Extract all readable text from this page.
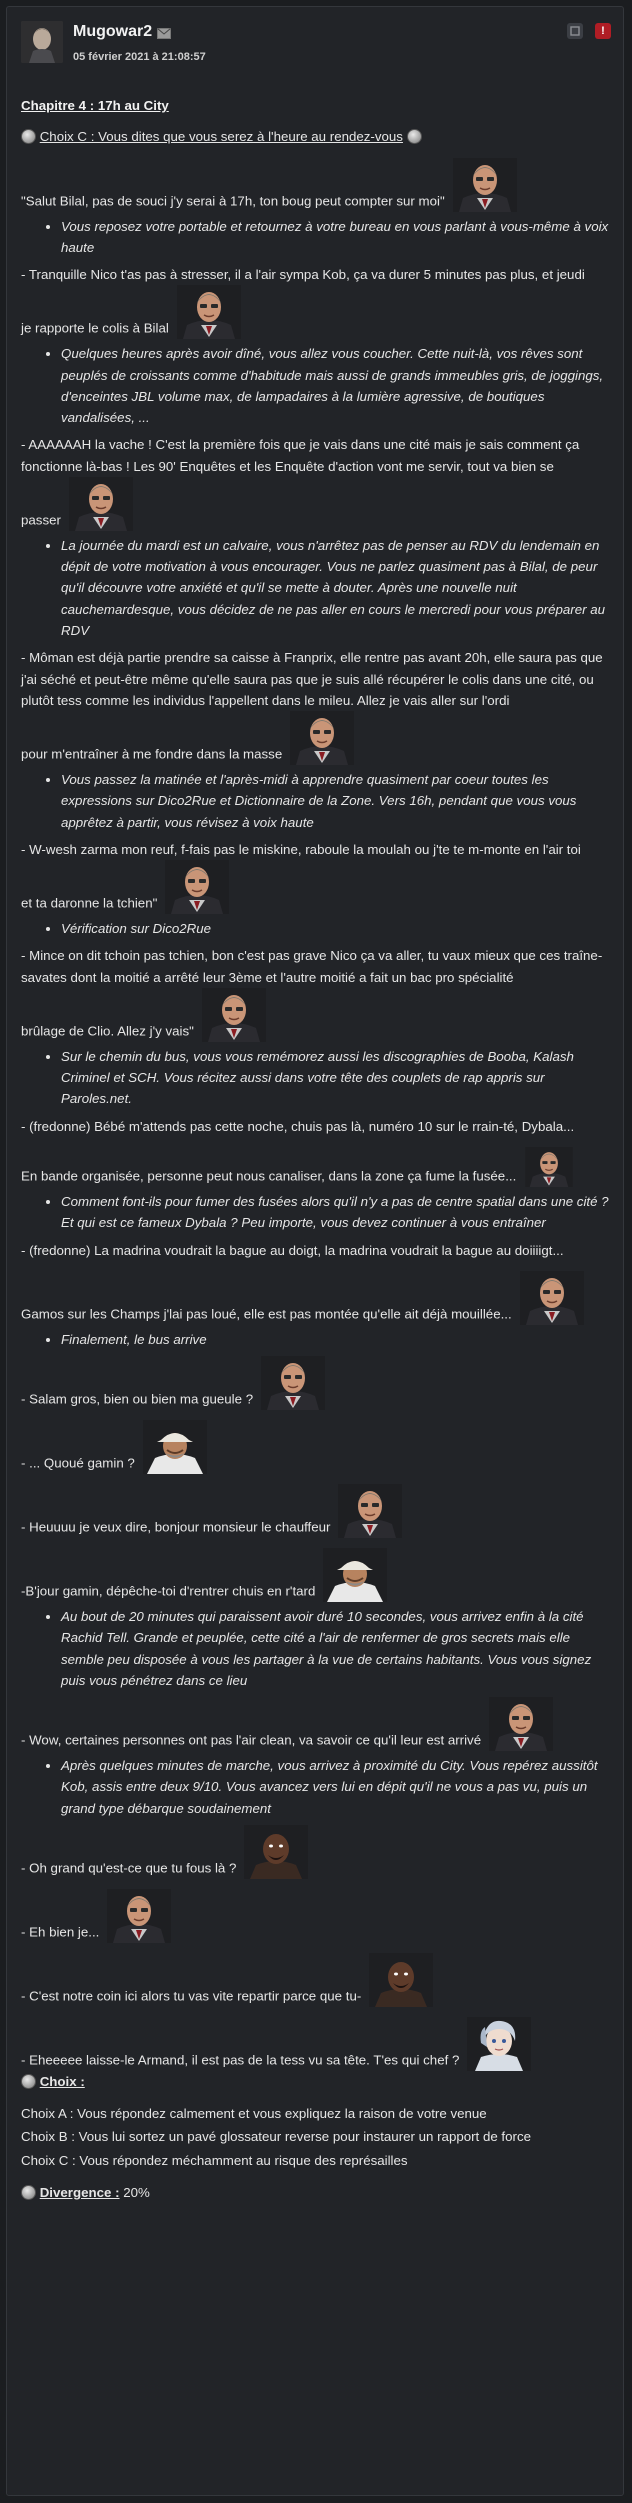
Mugowar2
05 février 2021 à 21:08:57
!

Chapitre 4 : 17h au City

Choix C : Vous dites que vous serez à l'heure au rendez-vous

"Salut Bilal, pas de souci j'y serai à 17h, ton boug peut compter sur moi"

• Vous reposez votre portable et retournez à votre bureau en vous parlant à vous-même à voix haute

- Tranquille Nico t'as pas à stresser, il a l'air sympa Kob, ça va durer 5 minutes pas plus, et jeudi

je rapporte le colis à Bilal

• Quelques heures après avoir dîné, vous allez vous coucher. Cette nuit-là, vos rêves sont peuplés de croissants comme d'habitude mais aussi de grands immeubles gris, de joggings, d'enceintes JBL volume max, de lampadaires à la lumière agressive, de boutiques vandalisées, ...

- AAAAAAH la vache ! C'est la première fois que je vais dans une cité mais je sais comment ça fonctionne là-bas ! Les 90' Enquêtes et les Enquête d'action vont me servir, tout va bien se

passer

• La journée du mardi est un calvaire, vous n'arrêtez pas de penser au RDV du lendemain en dépit de votre motivation à vous encourager. Vous ne parlez quasiment pas à Bilal, de peur qu'il découvre votre anxiété et qu'il se mette à douter. Après une nouvelle nuit cauchemardesque, vous décidez de ne pas aller en cours le mercredi pour vous préparer au RDV

- Môman est déjà partie prendre sa caisse à Franprix, elle rentre pas avant 20h, elle saura pas que j'ai séché et peut-être même qu'elle saura pas que je suis allé récupérer le colis dans une cité, ou plutôt tess comme les individus l'appellent dans le mileu. Allez je vais aller sur l'ordi

pour m'entraîner à me fondre dans la masse

• Vous passez la matinée et l'après-midi à apprendre quasiment par coeur toutes les expressions sur Dico2Rue et Dictionnaire de la Zone. Vers 16h, pendant que vous vous apprêtez à partir, vous révisez à voix haute

- W-wesh zarma mon reuf, f-fais pas le miskine, raboule la moulah ou j'te te m-monte en l'air toi

et ta daronne la tchien"

• Vérification sur Dico2Rue

- Mince on dit tchoin pas tchien, bon c'est pas grave Nico ça va aller, tu vaux mieux que ces traîne-savates dont la moitié a arrêté leur 3ème et l'autre moitié a fait un bac pro spécialité

brûlage de Clio. Allez j'y vais"

• Sur le chemin du bus, vous vous remémorez aussi les discographies de Booba, Kalash Criminel et SCH. Vous récitez aussi dans votre tête des couplets de rap appris sur Paroles.net.

- (fredonne) Bébé m'attends pas cette noche, chuis pas là, numéro 10 sur le rrain-té, Dybala...

En bande organisée, personne peut nous canaliser, dans la zone ça fume la fusée...

• Comment font-ils pour fumer des fusées alors qu'il n'y a pas de centre spatial dans une cité ? Et qui est ce fameux Dybala ? Peu importe, vous devez continuer à vous entraîner

- (fredonne) La madrina voudrait la bague au doigt, la madrina voudrait la bague au doiiiigt...

Gamos sur les Champs j'lai pas loué, elle est pas montée qu'elle ait déjà mouillée...

• Finalement, le bus arrive

- Salam gros, bien ou bien ma gueule ?

- ... Quoué gamin ?

- Heuuuu je veux dire, bonjour monsieur le chauffeur

-B'jour gamin, dépêche-toi d'rentrer chuis en r'tard

• Au bout de 20 minutes qui paraissent avoir duré 10 secondes, vous arrivez enfin à la cité Rachid Tell. Grande et peuplée, cette cité a l'air de renfermer de gros secrets mais elle semble peu disposée à vous les partager à la vue de certains habitants. Vous vous signez puis vous pénétrez dans ce lieu

- Wow, certaines personnes ont pas l'air clean, va savoir ce qu'il leur est arrivé

• Après quelques minutes de marche, vous arrivez à proximité du City. Vous repérez aussitôt Kob, assis entre deux 9/10. Vous avancez vers lui en dépit qu'il ne vous a pas vu, puis un grand type débarque soudainement

- Oh grand qu'est-ce que tu fous là ?

- Eh bien je...

- C'est notre coin ici alors tu vas vite repartir parce que tu-

- Eheeeee laisse-le Armand, il est pas de la tess vu sa tête. T'es qui chef ?

Choix :

Choix A : Vous répondez calmement et vous expliquez la raison de votre venue

Choix B : Vous lui sortez un pavé glossateur reverse pour instaurer un rapport de force

Choix C : Vous répondez méchamment au risque des représailles

Divergence : 20%
